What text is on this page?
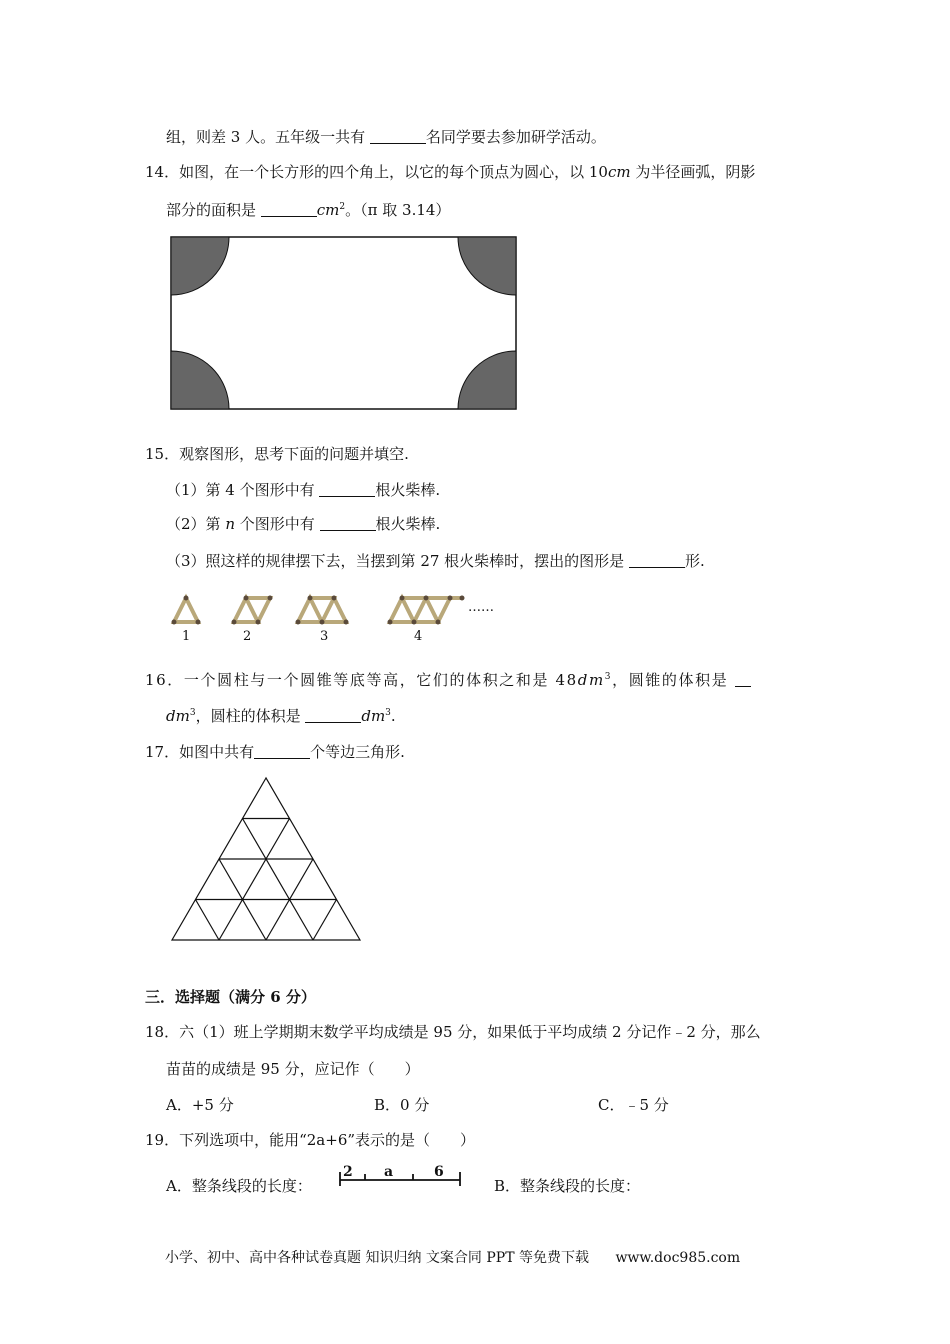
组，则差 3 人。五年级一共有	名同学要去参加研学活动。
14．如图，在一个长方形的四个角上，以它的每个顶点为圆心，以 10cm 为半径画弧，阴影
部分的面积是	$cm^2$。（π 取 3.14）
15．观察图形，思考下面的问题并填空.
（1）第 4 个图形中有	根火柴棒.
（2）第 n 个图形中有	根火柴棒.
（3）照这样的规律摆下去，当摆到第 27 根火柴棒时，摆出的图形是	形.
1	2	3	4
……
16．一个圆柱与一个圆锥等底等高，它们的体积之和是 $48dm^3$，圆锥的体积是
$dm^3$，圆柱的体积是	$dm^3$.
17．如图中共有	个等边三角形.
三．选择题（满分 6 分）
18．六（1）班上学期期末数学平均成绩是 95 分，如果低于平均成绩 2 分记作﹣2 分，那么
苗苗的成绩是 95 分，应记作（　　）
A．+5 分	B．0 分	C．﹣5 分
19．下列选项中，能用“2a+6”表示的是（　　）
A．整条线段的长度：
2 a	6
B．整条线段的长度：
小学、初中、高中各种试卷真题 知识归纳 文案合同 PPT 等免费下载 www.doc985.com
